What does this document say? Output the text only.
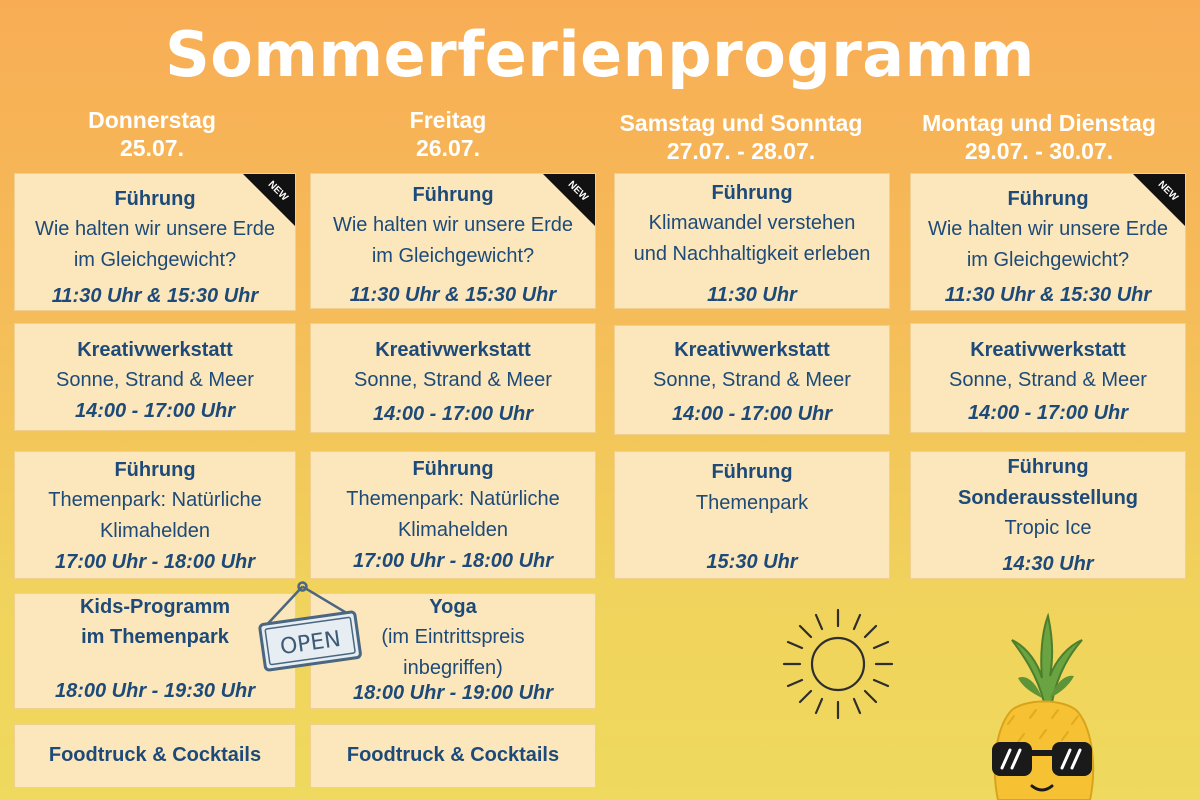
Sommerferienprogramm
Donnerstag
25.07.
Freitag
26.07.
Samstag und Sonntag
27.07. - 28.07.
Montag und Dienstag
29.07. - 30.07.
Führung
Wie halten wir unsere Erde
im Gleichgewicht?
11:30 Uhr & 15:30 Uhr
NEW	Führung
Wie halten wir unsere Erde
im Gleichgewicht?
11:30 Uhr & 15:30 Uhr
NEW	Führung
Klimawandel verstehen
und Nachhaltigkeit erleben
11:30 Uhr
Führung
Wie halten wir unsere Erde
im Gleichgewicht?
11:30 Uhr & 15:30 Uhr
NEW
Kreativwerkstatt
Sonne, Strand & Meer
14:00 - 17:00 Uhr
Kreativwerkstatt
Sonne, Strand & Meer
14:00 - 17:00 Uhr
Kreativwerkstatt
Sonne, Strand & Meer
14:00 - 17:00 Uhr
Kreativwerkstatt
Sonne, Strand & Meer
14:00 - 17:00 Uhr
Führung
Themenpark: Natürliche
Klimahelden
17:00 Uhr - 18:00 Uhr
Führung
Themenpark: Natürliche
Klimahelden
17:00 Uhr - 18:00 Uhr
Führung
Themenpark
15:30 Uhr
Führung
Sonderausstellung
Tropic Ice
14:30 Uhr
Kids-Programm
im Themenpark
18:00 Uhr - 19:30 Uhr
Yoga
(im Eintrittspreis
inbegriffen)
18:00 Uhr - 19:00 Uhr
Foodtruck & Cocktails	Foodtruck & Cocktails
OPEN
